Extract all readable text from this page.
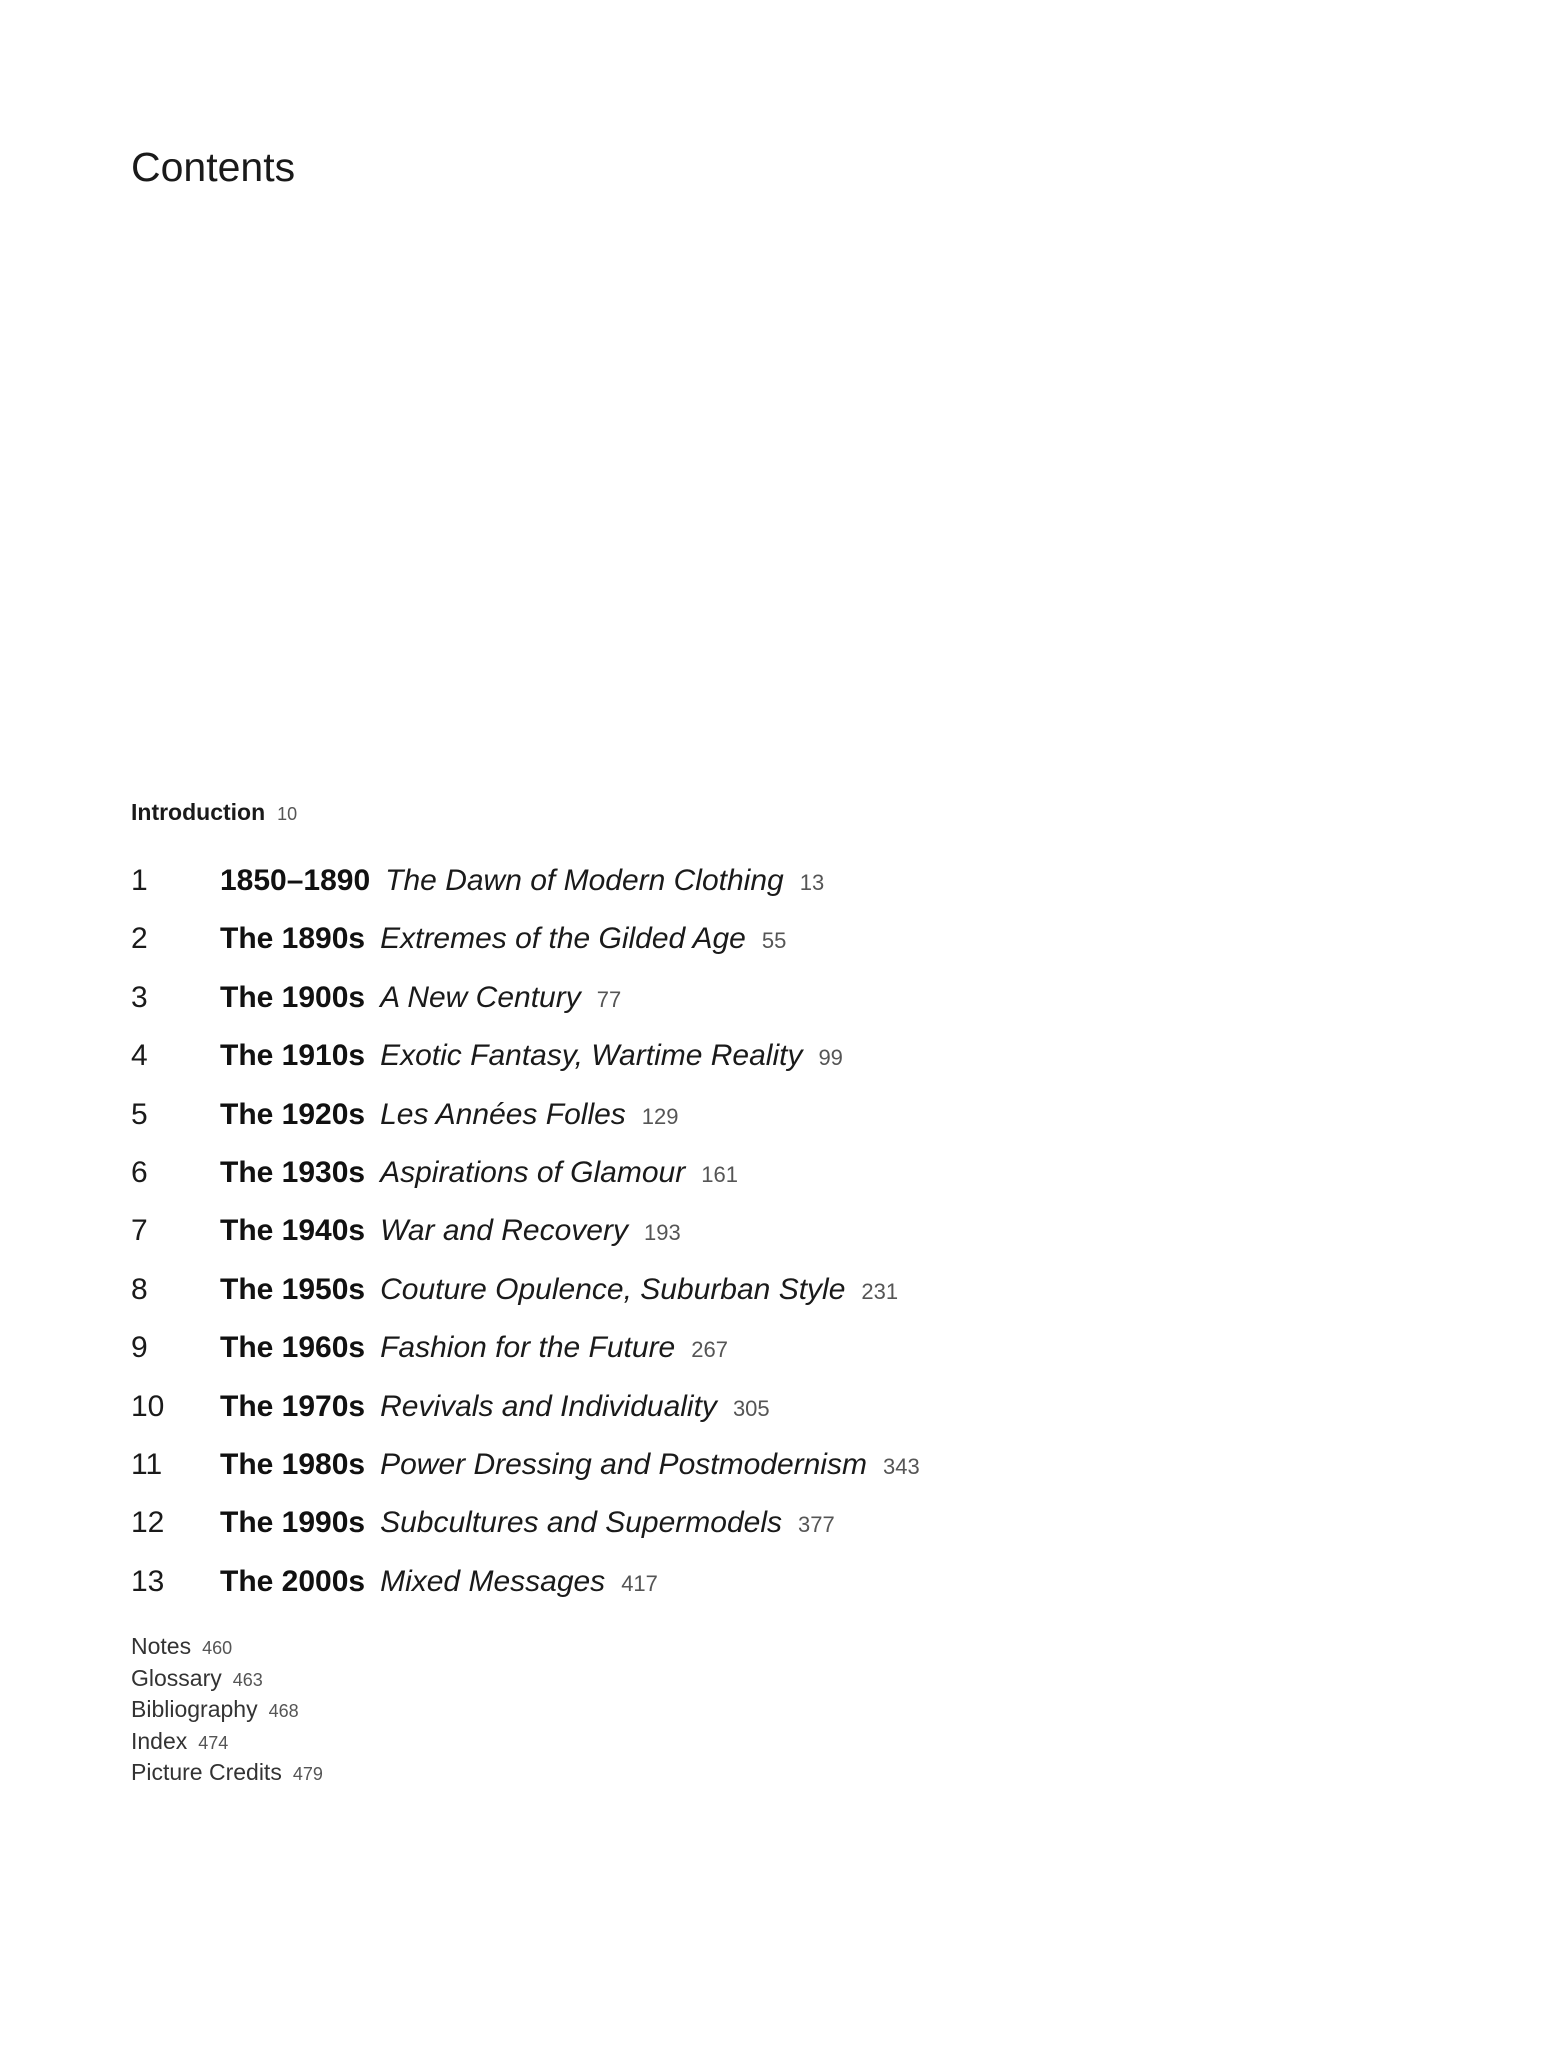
Contents
Introduction 10
1	1850–1890 The Dawn of Modern Clothing 13
2	The 1890s Extremes of the Gilded Age 55
3	The 1900s A New Century 77
4	The 1910s Exotic Fantasy, Wartime Reality 99
5	The 1920s Les Années Folles 129
6	The 1930s Aspirations of Glamour 161
7	The 1940s War and Recovery 193
8	The 1950s Couture Opulence, Suburban Style 231
9	The 1960s Fashion for the Future 267
10	The 1970s Revivals and Individuality 305
11	The 1980s Power Dressing and Postmodernism 343
12	The 1990s Subcultures and Supermodels 377
13	The 2000s Mixed Messages 417
Notes 460
Glossary 463
Bibliography 468
Index 474
Picture Credits 479
